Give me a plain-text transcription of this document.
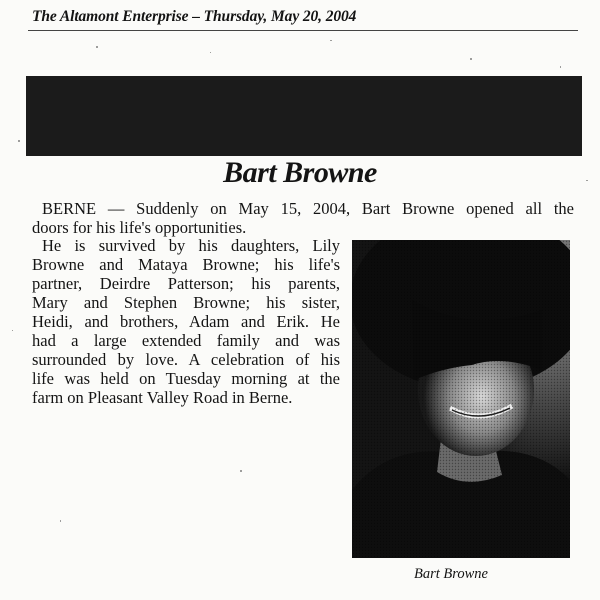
The Altamont Enterprise – Thursday, May 20, 2004
Bart Browne
BERNE — Suddenly on May 15, 2004, Bart Browne opened all the
doors for his life's opportunities.
He is survived by his daughters, Lily
Browne and Mataya Browne; his life's
partner, Deirdre Patterson; his parents,
Mary and Stephen Browne; his sister,
Heidi, and brothers, Adam and Erik. He
had a large extended family and was
surrounded by love. A celebration of his
life was held on Tuesday morning at the
farm on Pleasant Valley Road in Berne.
Bart Browne
